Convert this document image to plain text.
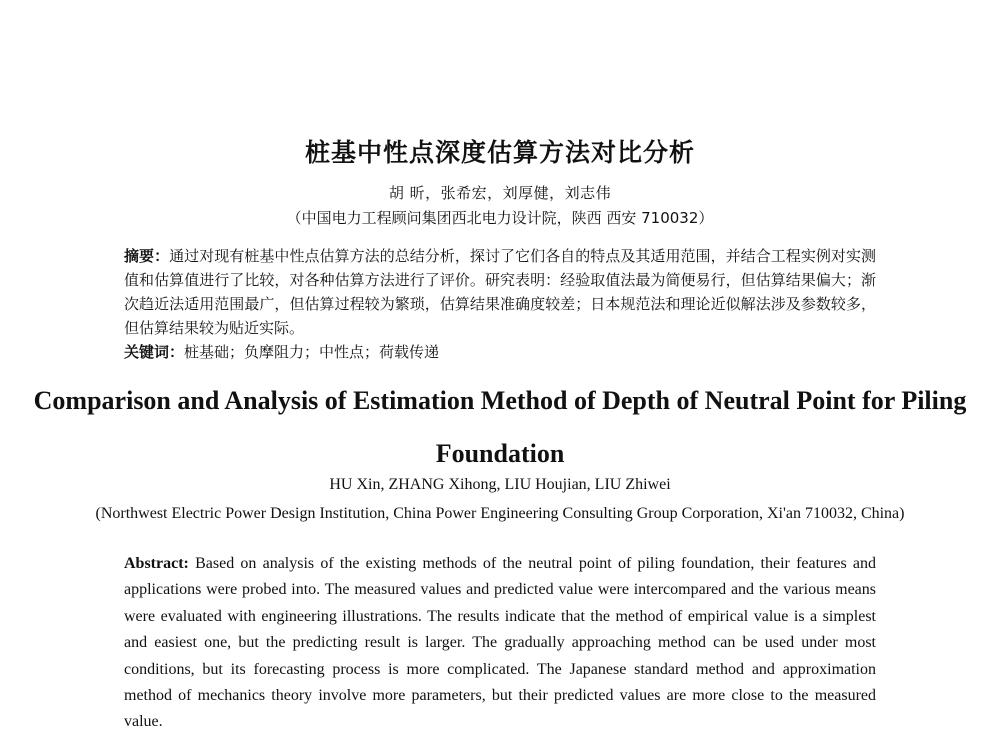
桩基中性点深度估算方法对比分析
胡 昕，张希宏，刘厚健，刘志伟
（中国电力工程顾问集团西北电力设计院，陕西 西安 710032）
摘要：通过对现有桩基中性点估算方法的总结分析，探讨了它们各自的特点及其适用范围，并结合工程实例对实测值和估算值进行了比较，对各种估算方法进行了评价。研究表明：经验取值法最为简便易行，但估算结果偏大；渐次趋近法适用范围最广，但估算过程较为繁琐，估算结果准确度较差；日本规范法和理论近似解法涉及参数较多，但估算结果较为贴近实际。
关键词：桩基础；负摩阻力；中性点；荷载传递
Comparison and Analysis of Estimation Method of Depth of Neutral Point for Piling Foundation
HU Xin, ZHANG Xihong, LIU Houjian, LIU Zhiwei
(Northwest Electric Power Design Institution, China Power Engineering Consulting Group Corporation, Xi'an 710032, China)
Abstract: Based on analysis of the existing methods of the neutral point of piling foundation, their features and applications were probed into. The measured values and predicted value were intercompared and the various means were evaluated with engineering illustrations. The results indicate that the method of empirical value is a simplest and easiest one, but the predicting result is larger. The gradually approaching method can be used under most conditions, but its forecasting process is more complicated. The Japanese standard method and approximation method of mechanics theory involve more parameters, but their predicted values are more close to the measured value.
